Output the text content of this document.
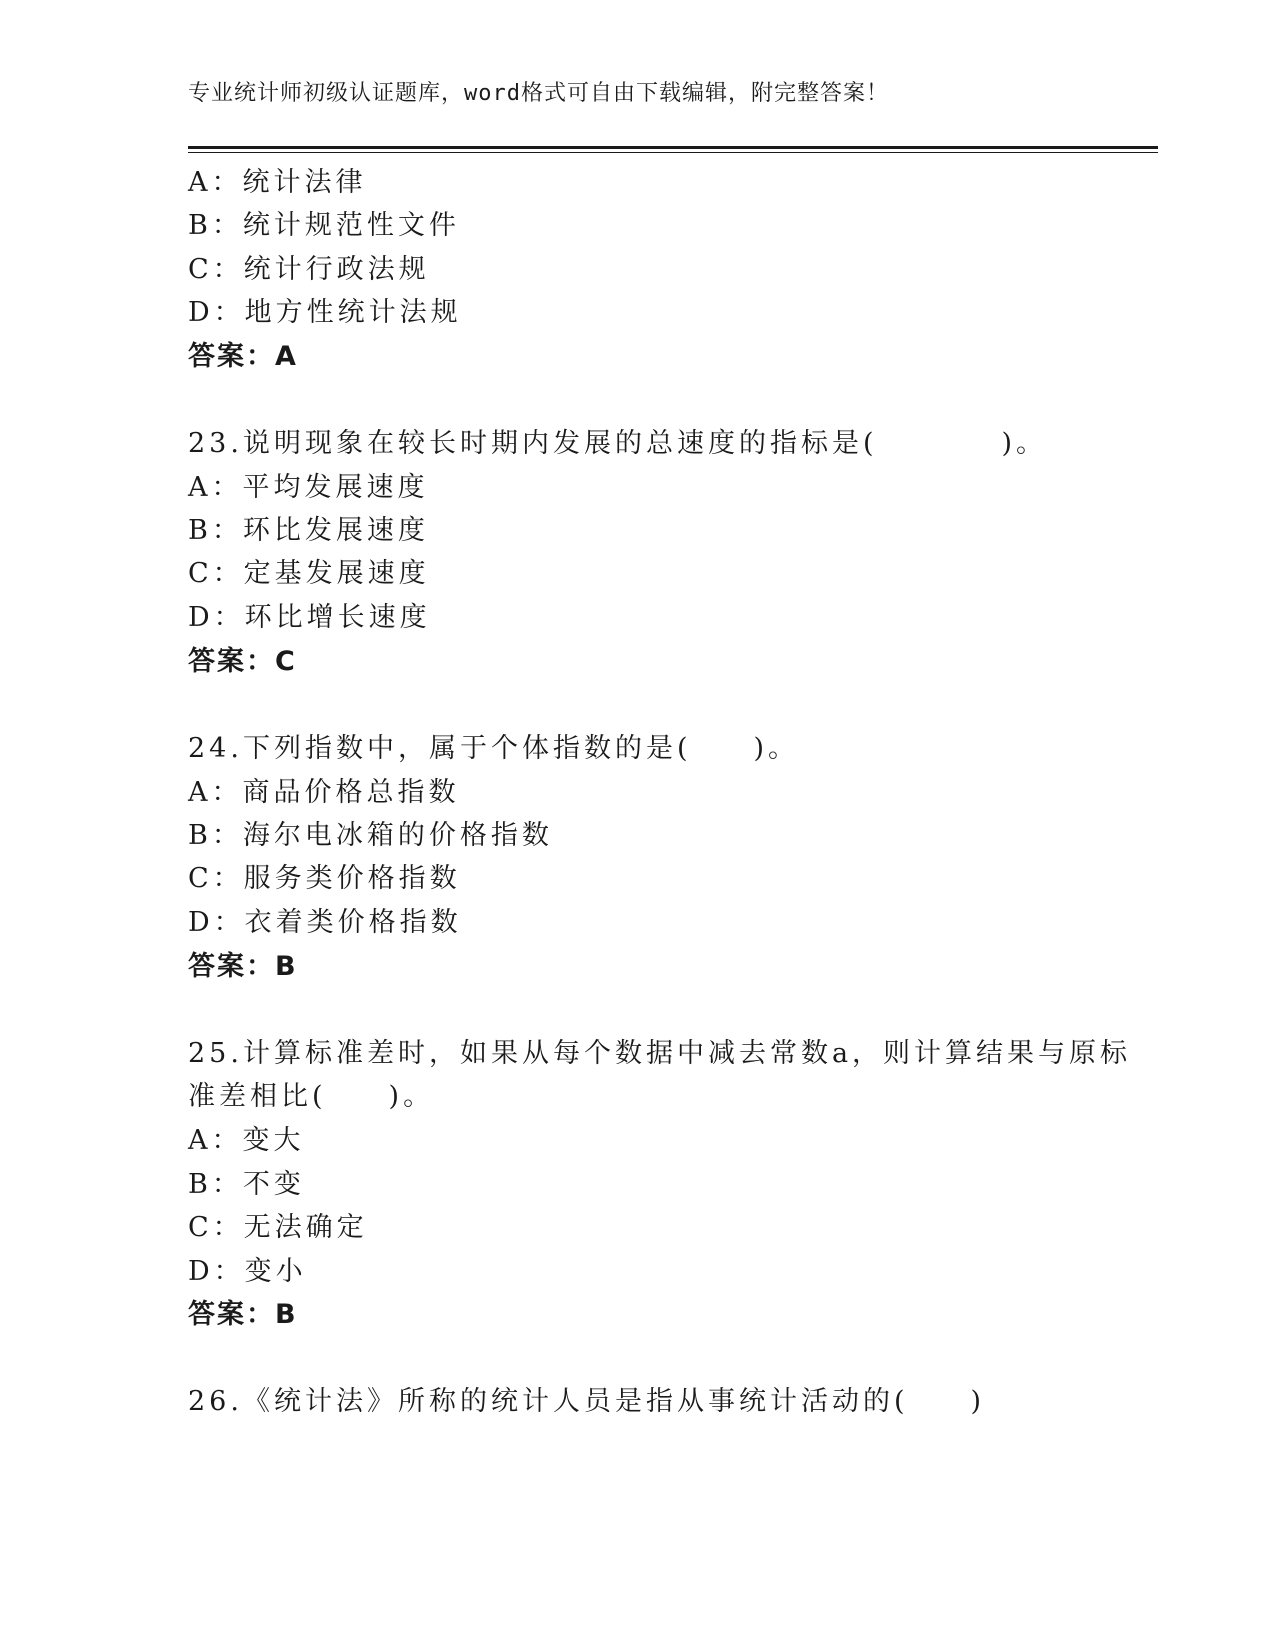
专业统计师初级认证题库，word格式可自由下载编辑，附完整答案！
A：统计法律
B：统计规范性文件
C：统计行政法规
D：地方性统计法规
答案：A
23.说明现象在较长时期内发展的总速度的指标是(　　　　)。
A：平均发展速度
B：环比发展速度
C：定基发展速度
D：环比增长速度
答案：C
24.下列指数中，属于个体指数的是(　　)。
A：商品价格总指数
B：海尔电冰箱的价格指数
C：服务类价格指数
D：衣着类价格指数
答案：B
25.计算标准差时，如果从每个数据中减去常数a，则计算结果与原标
准差相比(　　)。
A：变大
B：不变
C：无法确定
D：变小
答案：B
26.《统计法》所称的统计人员是指从事统计活动的(　　)
